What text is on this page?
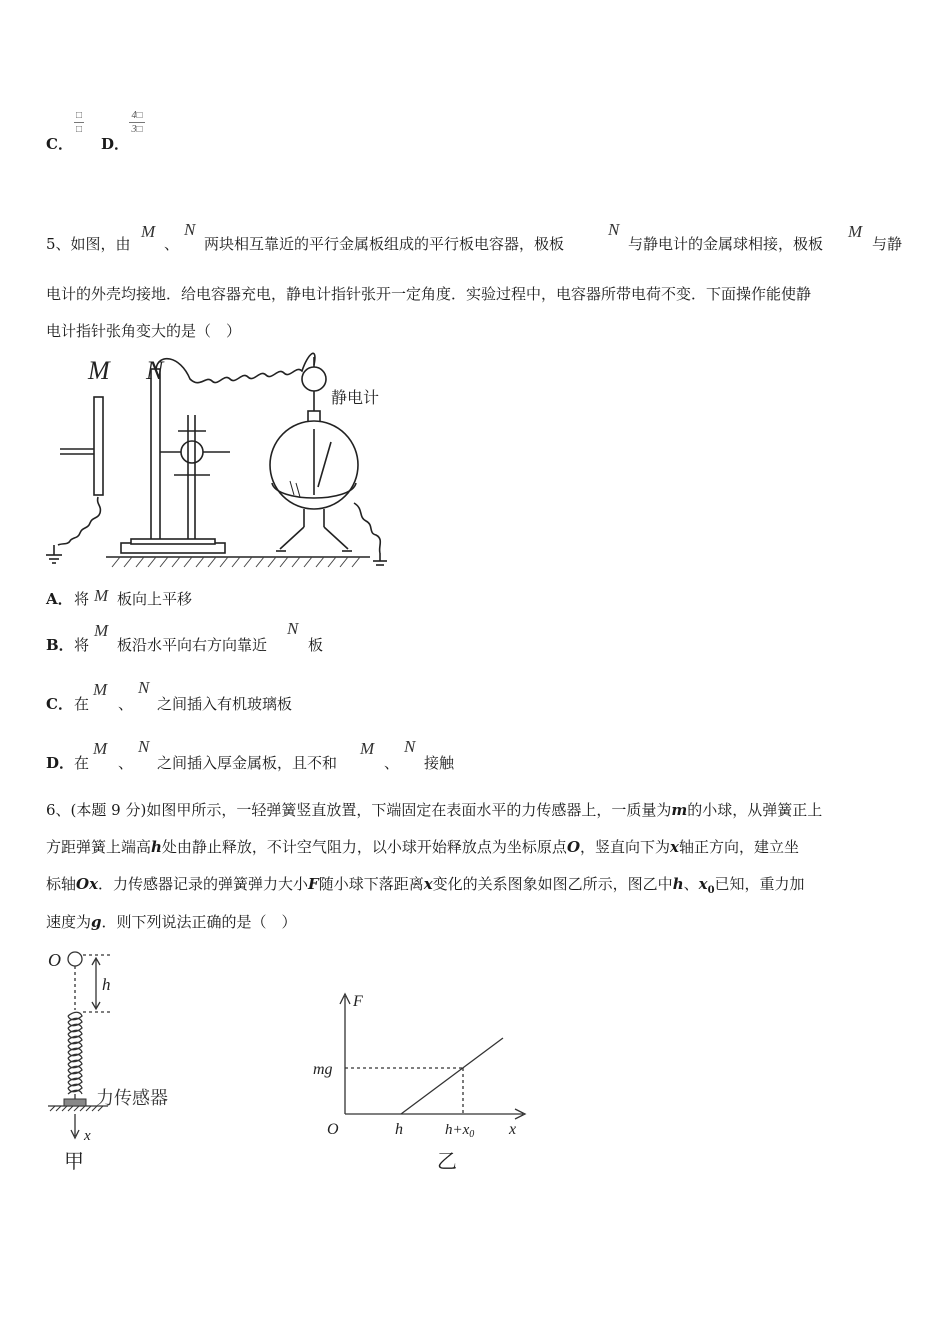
C．
□
□
D．
4□
3□
5、如图，由
M
、
N
两块相互靠近的平行金属板组成的平行板电容器，极板
N
与静电计的金属球相接，极板
M
与静
电计的外壳均接地．给电容器充电，静电计指针张开一定角度．实验过程中，电容器所带电荷不变．下面操作能使静
电计指针张角变大的是（　）
M N
静电计
A． 将 M 板向上平移
B． 将
M
板沿水平向右方向靠近
N
板
C． 在
M
、
N
之间插入有机玻璃板
D． 在
M
、
N
之间插入厚金属板，且不和
M
、
N
接触
6、(本题 9 分)如图甲所示，一轻弹簧竖直放置，下端固定在表面水平的力传感器上，一质量为m的小球，从弹簧正上
方距弹簧上端高h处由静止释放，不计空气阻力，以小球开始释放点为坐标原点O，竖直向下为x轴正方向，建立坐
标轴Ox．力传感器记录的弹簧弹力大小F随小球下落距离x变化的关系图象如图乙所示，图乙中h、$x_0$已知，重力加
速度为g．则下列说法正确的是（　）
O
h
力传感器
x
甲
F
mg
O	h	$h+x_0$ x
乙
